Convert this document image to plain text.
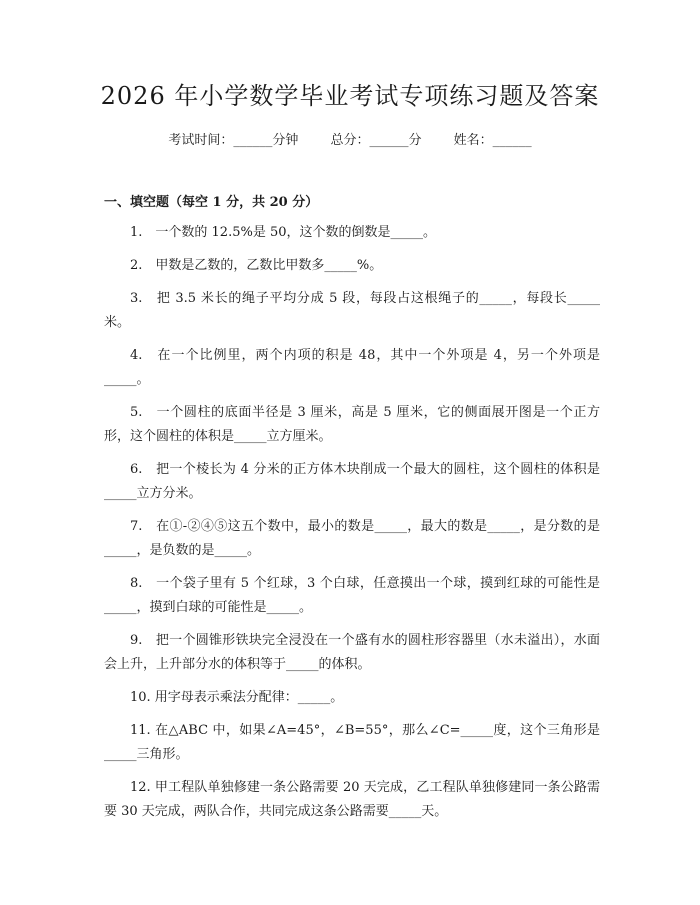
2026 年小学数学毕业考试专项练习题及答案
考试时间：______分钟 总分：______分 姓名：______
一、填空题（每空 1 分，共 20 分）

1.　一个数的 12.5%是 50，这个数的倒数是_____。

2.　甲数是乙数的，乙数比甲数多_____%。

3.　把 3.5 米长的绳子平均分成 5 段，每段占这根绳子的_____，每段长_____米。

4.　在一个比例里，两个内项的积是 48，其中一个外项是 4，另一个外项是_____。

5.　一个圆柱的底面半径是 3 厘米，高是 5 厘米，它的侧面展开图是一个正方形，这个圆柱的体积是_____立方厘米。

6.　把一个棱长为 4 分米的正方体木块削成一个最大的圆柱，这个圆柱的体积是_____立方分米。

7.　在①-②④⑤这五个数中，最小的数是_____，最大的数是_____，是分数的是_____，是负数的是_____。

8.　一个袋子里有 5 个红球，3 个白球，任意摸出一个球，摸到红球的可能性是_____，摸到白球的可能性是_____。

9.　把一个圆锥形铁块完全浸没在一个盛有水的圆柱形容器里（水未溢出），水面会上升，上升部分水的体积等于_____的体积。

10. 用字母表示乘法分配律：_____。

11. 在△ABC 中，如果∠A=45°，∠B=55°，那么∠C=_____度，这个三角形是_____三角形。

12. 甲工程队单独修建一条公路需要 20 天完成，乙工程队单独修建同一条公路需要 30 天完成，两队合作，共同完成这条公路需要_____天。
